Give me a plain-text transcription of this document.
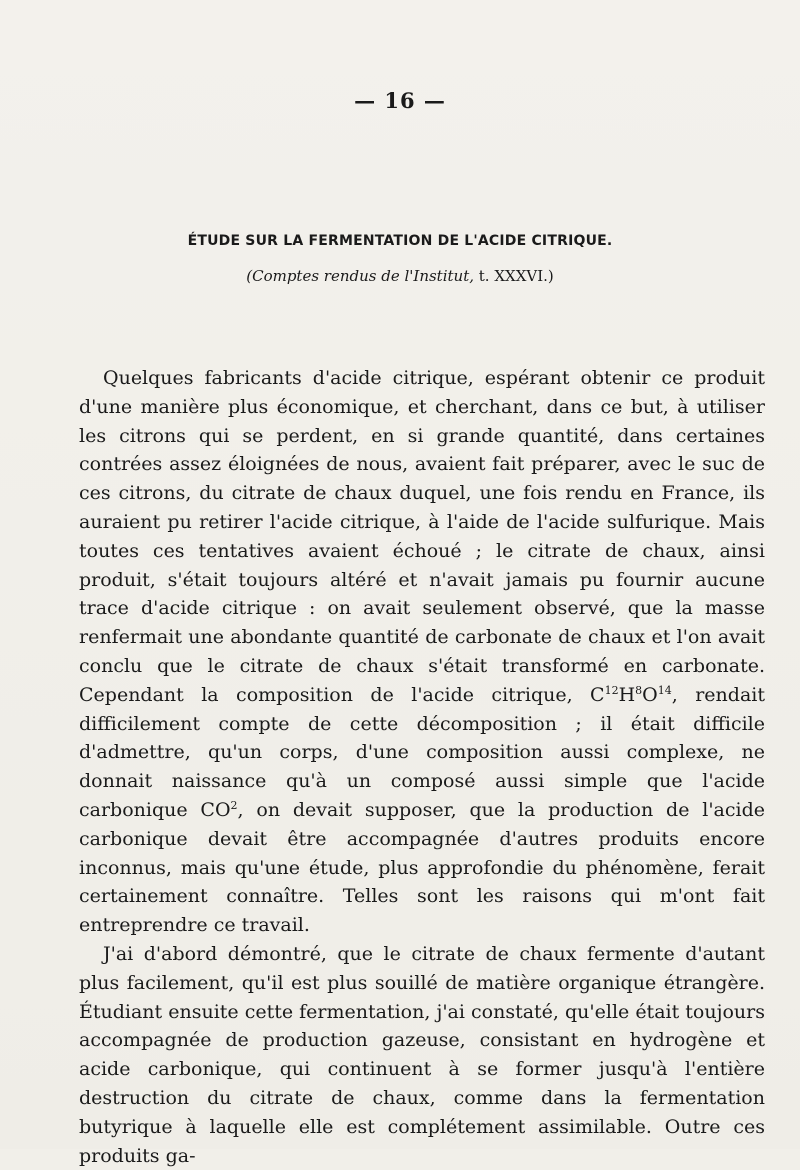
— 16 —
ÉTUDE SUR LA FERMENTATION DE L'ACIDE CITRIQUE.
(Comptes rendus de l'Institut, t. XXXVI.)

Quelques fabricants d'acide citrique, espérant obtenir ce produit d'une manière plus économique, et cherchant, dans ce but, à utiliser les citrons qui se perdent, en si grande quantité, dans certaines contrées assez éloignées de nous, avaient fait préparer, avec le suc de ces citrons, du citrate de chaux duquel, une fois rendu en France, ils auraient pu retirer l'acide citrique, à l'aide de l'acide sulfurique. Mais toutes ces tentatives avaient échoué ; le citrate de chaux, ainsi produit, s'était toujours altéré et n'avait jamais pu fournir aucune trace d'acide citrique : on avait seulement observé, que la masse renfermait une abondante quantité de carbonate de chaux et l'on avait conclu que le citrate de chaux s'était transformé en carbonate. Cependant la composition de l'acide citrique, $C^{12}H^8O^{14}$, rendait difficilement compte de cette décomposition ; il était difficile d'admettre, qu'un corps, d'une composition aussi complexe, ne donnait naissance qu'à un composé aussi simple que l'acide carbonique $CO^2$, on devait supposer, que la production de l'acide carbonique devait être accompagnée d'autres produits encore inconnus, mais qu'une étude, plus approfondie du phénomène, ferait certainement connaître. Telles sont les raisons qui m'ont fait entreprendre ce travail.

J'ai d'abord démontré, que le citrate de chaux fermente d'autant plus facilement, qu'il est plus souillé de matière organique étrangère. Étudiant ensuite cette fermentation, j'ai constaté, qu'elle était toujours accompagnée de production gazeuse, consistant en hydrogène et acide carbonique, qui continuent à se former jusqu'à l'entière destruction du citrate de chaux, comme dans la fermentation butyrique à laquelle elle est complétement assimilable. Outre ces produits ga-
